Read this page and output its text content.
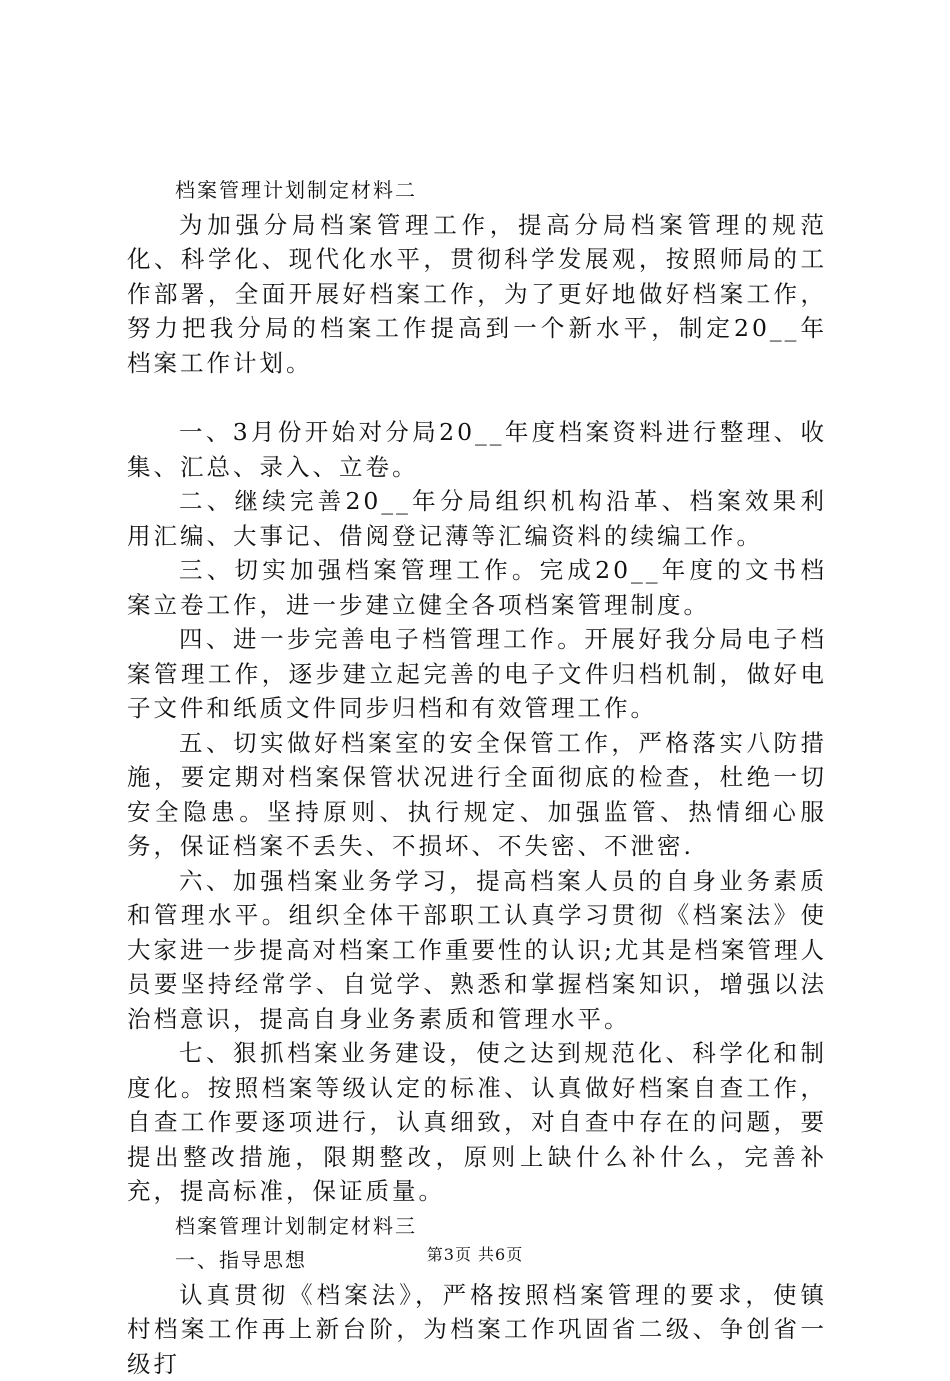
档案管理计划制定材料二

为加强分局档案管理工作，提高分局档案管理的规范化、科学化、现代化水平，贯彻科学发展观，按照师局的工作部署，全面开展好档案工作，为了更好地做好档案工作，努力把我分局的档案工作提高到一个新水平，制定20__年档案工作计划。

一、3月份开始对分局20__年度档案资料进行整理、收集、汇总、录入、立卷。

二、继续完善20__年分局组织机构沿革、档案效果利用汇编、大事记、借阅登记薄等汇编资料的续编工作。

三、切实加强档案管理工作。完成20__年度的文书档案立卷工作，进一步建立健全各项档案管理制度。

四、进一步完善电子档管理工作。开展好我分局电子档案管理工作，逐步建立起完善的电子文件归档机制，做好电子文件和纸质文件同步归档和有效管理工作。

五、切实做好档案室的安全保管工作，严格落实八防措施，要定期对档案保管状况进行全面彻底的检查，杜绝一切安全隐患。坚持原则、执行规定、加强监管、热情细心服务，保证档案不丢失、不损坏、不失密、不泄密.

六、加强档案业务学习，提高档案人员的自身业务素质和管理水平。组织全体干部职工认真学习贯彻《档案法》使大家进一步提高对档案工作重要性的认识;尤其是档案管理人员要坚持经常学、自觉学、熟悉和掌握档案知识，增强以法治档意识，提高自身业务素质和管理水平。

七、狠抓档案业务建设，使之达到规范化、科学化和制度化。按照档案等级认定的标准、认真做好档案自查工作，自查工作要逐项进行，认真细致，对自查中存在的问题，要提出整改措施，限期整改，原则上缺什么补什么，完善补充，提高标准，保证质量。

档案管理计划制定材料三

一、指导思想

认真贯彻《档案法》，严格按照档案管理的要求，使镇村档案工作再上新台阶，为档案工作巩固省二级、争创省一级打

第3页 共6页
